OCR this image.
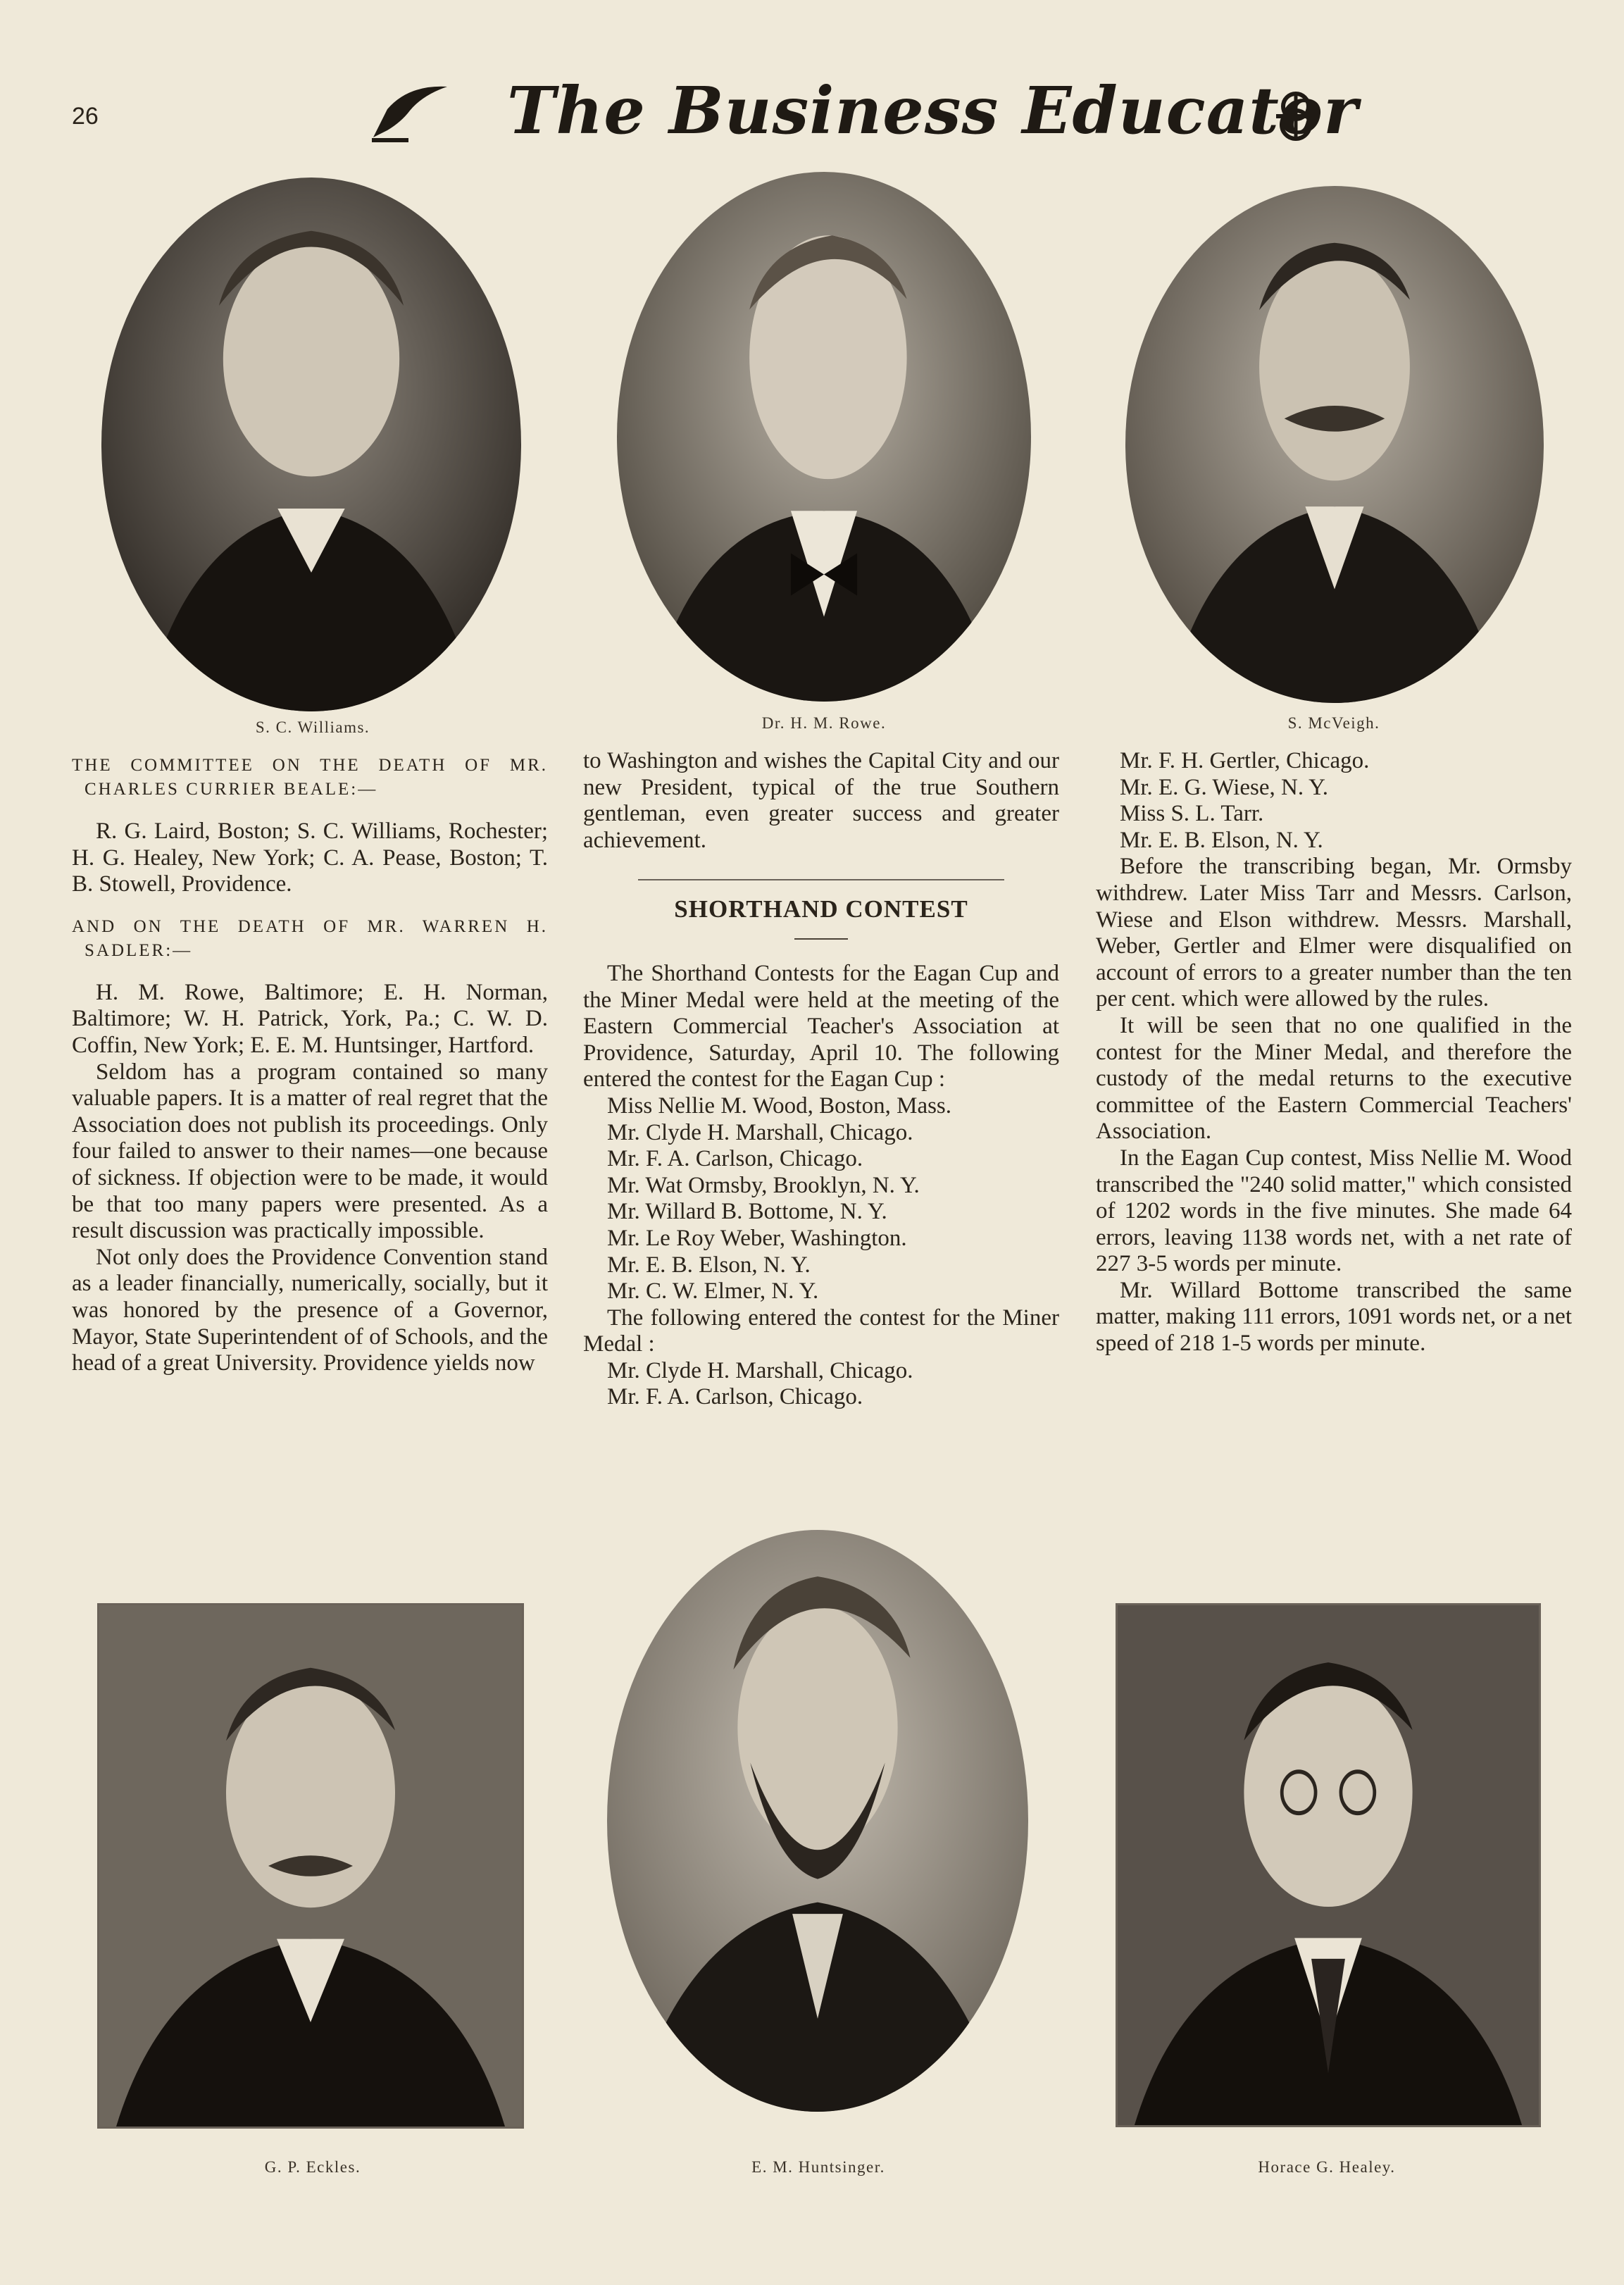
26	The Business Educator
S. C. Williams.	Dr. H. M. Rowe.	S. McVeigh.

THE COMMITTEE ON THE DEATH OF MR. CHARLES CURRIER BEALE:—

R. G. Laird, Boston; S. C. Williams, Rochester; H. G. Healey, New York; C. A. Pease, Boston; T. B. Stowell, Providence.

AND ON THE DEATH OF MR. WARREN H. SADLER:—

H. M. Rowe, Baltimore; E. H. Norman, Baltimore; W. H. Patrick, York, Pa.; C. W. D. Coffin, New York; E. E. M. Huntsinger, Hartford.

Seldom has a program contained so many valuable papers. It is a matter of real regret that the Association does not publish its proceedings. Only four failed to answer to their names—one because of sickness. If objection were to be made, it would be that too many papers were presented. As a result discussion was practically impossible.

Not only does the Providence Convention stand as a leader financially, numerically, socially, but it was honored by the presence of a Governor, Mayor, State Superintendent of of Schools, and the head of a great University. Providence yields now

to Washington and wishes the Capital City and our new President, typical of the true Southern gentleman, even greater success and greater achievement.

SHORTHAND CONTEST

The Shorthand Contests for the Eagan Cup and the Miner Medal were held at the meeting of the Eastern Commercial Teacher's Association at Providence, Saturday, April 10. The following entered the contest for the Eagan Cup :

Miss Nellie M. Wood, Boston, Mass.
Mr. Clyde H. Marshall, Chicago.
Mr. F. A. Carlson, Chicago.
Mr. Wat Ormsby, Brooklyn, N. Y.
Mr. Willard B. Bottome, N. Y.
Mr. Le Roy Weber, Washington.
Mr. E. B. Elson, N. Y.
Mr. C. W. Elmer, N. Y.

The following entered the contest for the Miner Medal :

Mr. Clyde H. Marshall, Chicago.
Mr. F. A. Carlson, Chicago.
Mr. F. H. Gertler, Chicago.
Mr. E. G. Wiese, N. Y.
Miss S. L. Tarr.
Mr. E. B. Elson, N. Y.

Before the transcribing began, Mr. Ormsby withdrew. Later Miss Tarr and Messrs. Carlson, Wiese and Elson withdrew. Messrs. Marshall, Weber, Gertler and Elmer were disqualified on account of errors to a greater number than the ten per cent. which were allowed by the rules.

It will be seen that no one qualified in the contest for the Miner Medal, and therefore the custody of the medal returns to the executive committee of the Eastern Commercial Teachers' Association.

In the Eagan Cup contest, Miss Nellie M. Wood transcribed the "240 solid matter," which consisted of 1202 words in the five minutes. She made 64 errors, leaving 1138 words net, with a net rate of 227 3-5 words per minute.

Mr. Willard Bottome transcribed the same matter, making 111 errors, 1091 words net, or a net speed of 218 1-5 words per minute.

G. P. Eckles.	E. M. Huntsinger.	Horace G. Healey.
